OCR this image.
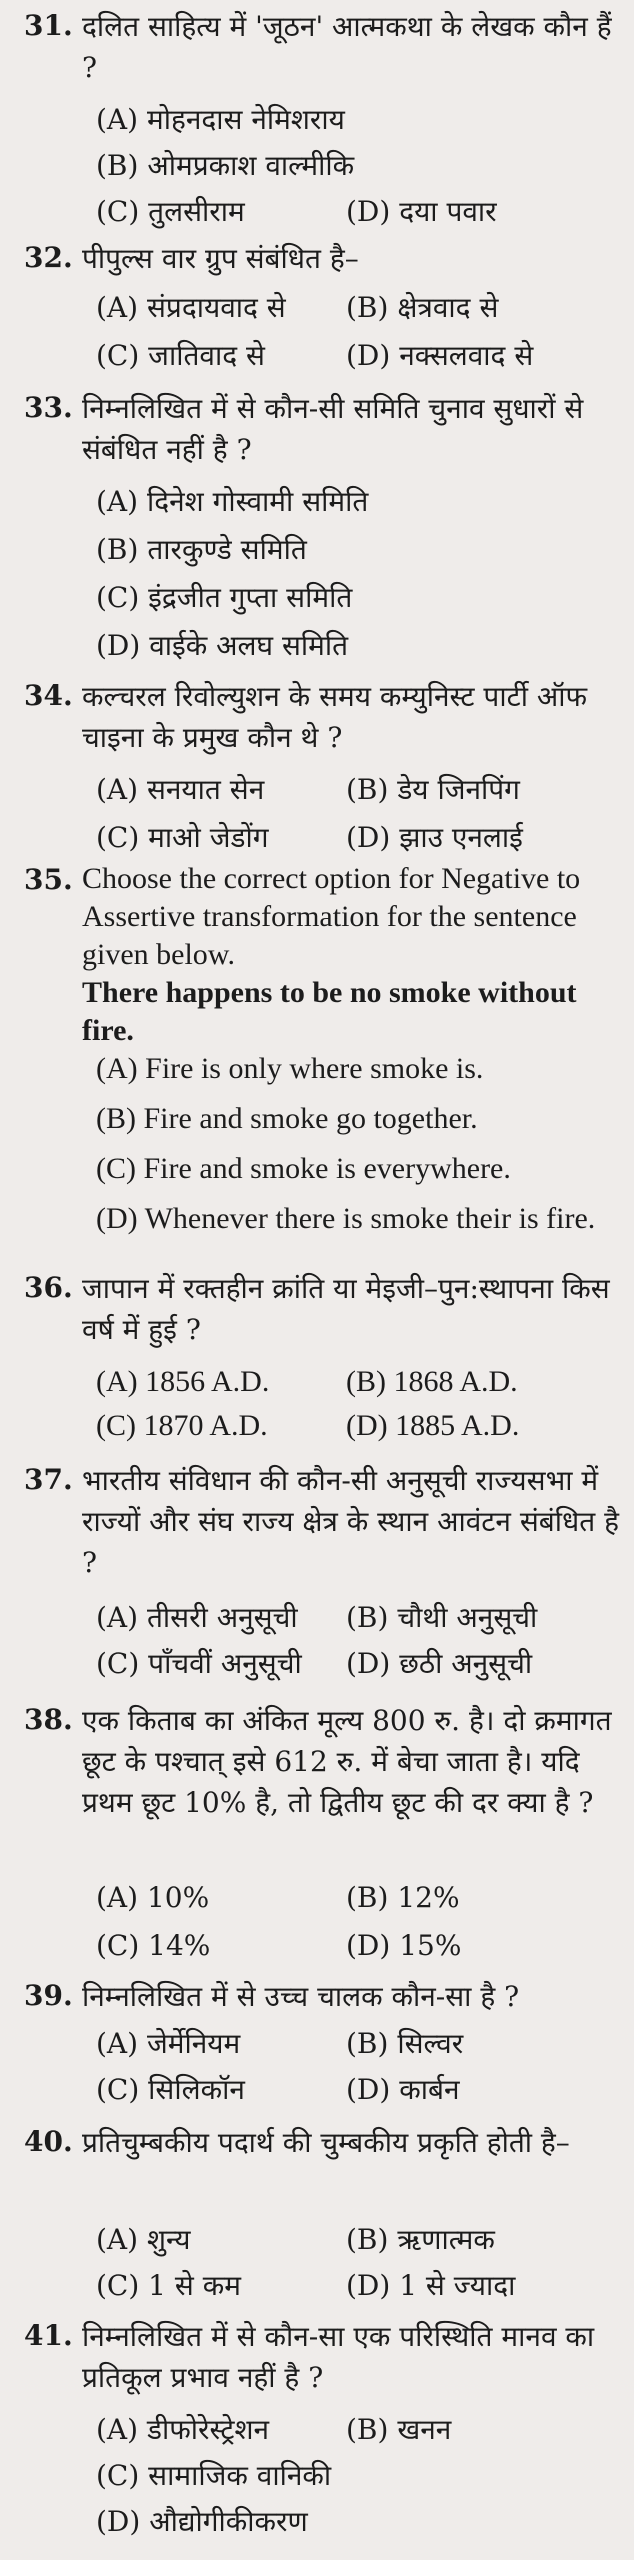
31. दलित साहित्य में 'जूठन' आत्मकथा के लेखक कौन हैं ?
(A) मोहनदास नेमिशराय
(B) ओमप्रकाश वाल्मीकि
(C) तुलसीराम	(D) दया पवार
32. पीपुल्स वार ग्रुप संबंधित है–
(A) संप्रदायवाद से (B) क्षेत्रवाद से
(C) जातिवाद से	(D) नक्सलवाद से
33. निम्नलिखित में से कौन-सी समिति चुनाव सुधारों से संबंधित नहीं है ?
(A) दिनेश गोस्वामी समिति
(B) तारकुण्डे समिति
(C) इंद्रजीत गुप्ता समिति
(D) वाईके अलघ समिति
34. कल्चरल रिवोल्युशन के समय कम्युनिस्ट पार्टी ऑफ चाइना के प्रमुख कौन थे ?
(A) सनयात सेन	(B) डेय जिनपिंग
(C) माओ जेडोंग	(D) झाउ एनलाई
35. Choose the correct option for Negative to Assertive transformation for the sentence given below.
There happens to be no smoke without fire.
(A) Fire is only where smoke is.
(B) Fire and smoke go together.
(C) Fire and smoke is everywhere.
(D) Whenever there is smoke their is fire.
36. जापान में रक्तहीन क्रांति या मेइजी–पुन:स्थापना किस वर्ष में हुई ?
(A) 1856 A.D.	(B) 1868 A.D.
(C) 1870 A.D.	(D) 1885 A.D.
37. भारतीय संविधान की कौन-सी अनुसूची राज्यसभा में राज्यों और संघ राज्य क्षेत्र के स्थान आवंटन संबंधित है ?
(A) तीसरी अनुसूची (B) चौथी अनुसूची
(C) पाँचवीं अनुसूची (D) छठी अनुसूची
38. एक किताब का अंकित मूल्य 800 रु. है। दो क्रमागत छूट के पश्चात् इसे 612 रु. में बेचा जाता है। यदि प्रथम छूट 10% है, तो द्वितीय छूट की दर क्या है ?
(A) 10%	(B) 12%
(C) 14%	(D) 15%
39. निम्नलिखित में से उच्च चालक कौन-सा है ?
(A) जेर्मेनियम	(B) सिल्वर
(C) सिलिकॉन	(D) कार्बन
40. प्रतिचुम्बकीय पदार्थ की चुम्बकीय प्रकृति होती है–
(A) शुन्य	(B) ऋणात्मक
(C) 1 से कम	(D) 1 से ज्यादा
41. निम्नलिखित में से कौन-सा एक परिस्थिति मानव का प्रतिकूल प्रभाव नहीं है ?
(A) डीफोरेस्ट्रेशन	(B) खनन
(C) सामाजिक वानिकी
(D) औद्योगीकीकरण
